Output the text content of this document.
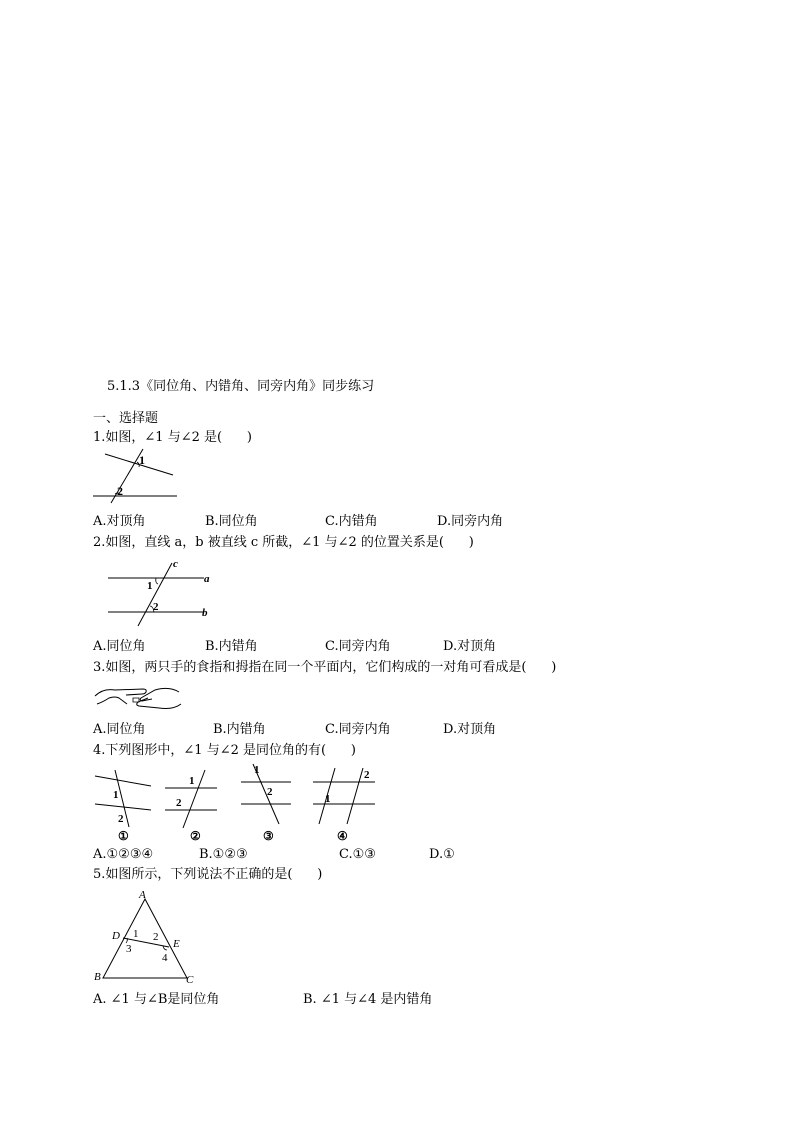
5.1.3《同位角、内错角、同旁内角》同步练习
一、选择题
1.如图，∠1 与∠2 是(      )
1
2
A.对顶角	B.同位角	C.内错角	D.同旁内角
2.如图，直线 a，b 被直线 c 所截，∠1 与∠2 的位置关系是(      )
c
a
1
2	b
A.同位角	B.内错角	C.同旁内角	D.对顶角
3.如图，两只手的食指和拇指在同一个平面内，它们构成的一对角可看成是(      )
A.同位角	B.内错角	C.同旁内角	D.对顶角
4.下列图形中，∠1 与∠2 是同位角的有(      )
1
2
①
1
2
②
1
2
③
2
1
④
A.①②③④	B.①②③	C.①③	D.①
5.如图所示，下列说法不正确的是(      )
A
D 1 2
E
3
4
B	C
A. ∠1 与∠B是同位角	B. ∠1 与∠4 是内错角
